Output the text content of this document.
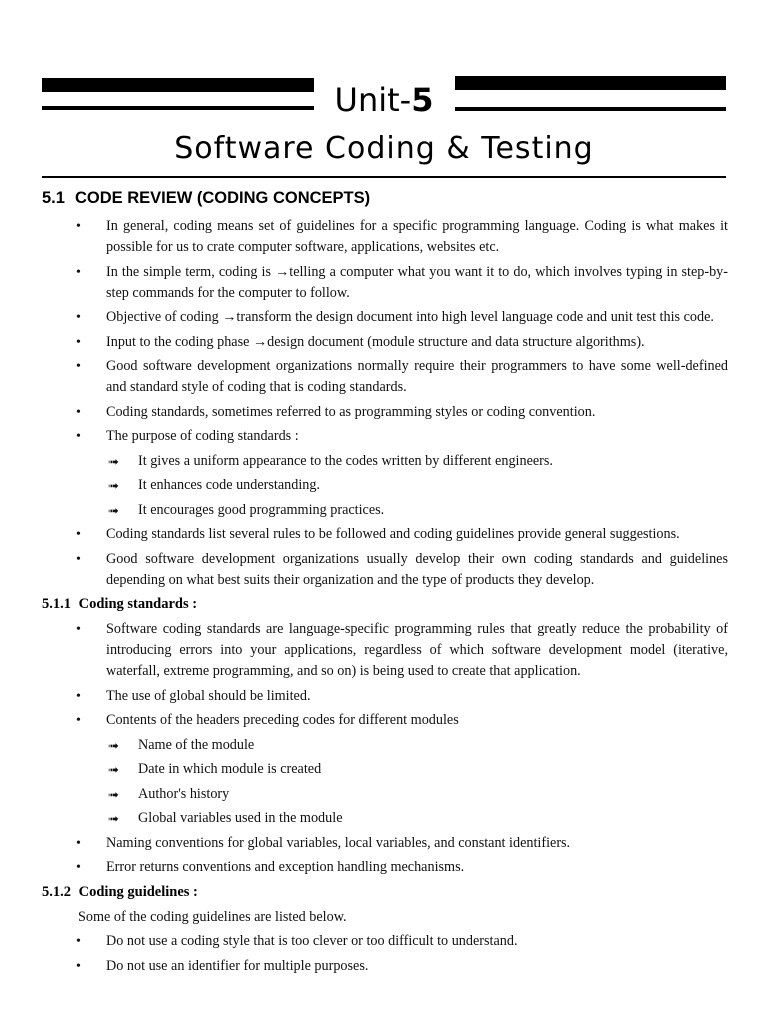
Unit-5
Software Coding & Testing
5.1 CODE REVIEW (CODING CONCEPTS)
• In general, coding means set of guidelines for a specific programming language. Coding is what makes it possible for us to crate computer software, applications, websites etc.
• In the simple term, coding is →telling a computer what you want it to do, which involves typing in step-by-step commands for the computer to follow.
• Objective of coding →transform the design document into high level language code and unit test this code.
• Input to the coding phase →design document (module structure and data structure algorithms).
• Good software development organizations normally require their programmers to have some well-defined and standard style of coding that is coding standards.
• Coding standards, sometimes referred to as programming styles or coding convention.
• The purpose of coding standards :
➟ It gives a uniform appearance to the codes written by different engineers.
➟ It enhances code understanding.
➟ It encourages good programming practices.
• Coding standards list several rules to be followed and coding guidelines provide general suggestions.
• Good software development organizations usually develop their own coding standards and guidelines depending on what best suits their organization and the type of products they develop.
5.1.1 Coding standards :
• Software coding standards are language-specific programming rules that greatly reduce the probability of introducing errors into your applications, regardless of which software development model (iterative, waterfall, extreme programming, and so on) is being used to create that application.
• The use of global should be limited.
• Contents of the headers preceding codes for different modules
➟ Name of the module
➟ Date in which module is created
➟ Author's history
➟ Global variables used in the module
• Naming conventions for global variables, local variables, and constant identifiers.
• Error returns conventions and exception handling mechanisms.
5.1.2 Coding guidelines :
Some of the coding guidelines are listed below.
• Do not use a coding style that is too clever or too difficult to understand.
• Do not use an identifier for multiple purposes.
